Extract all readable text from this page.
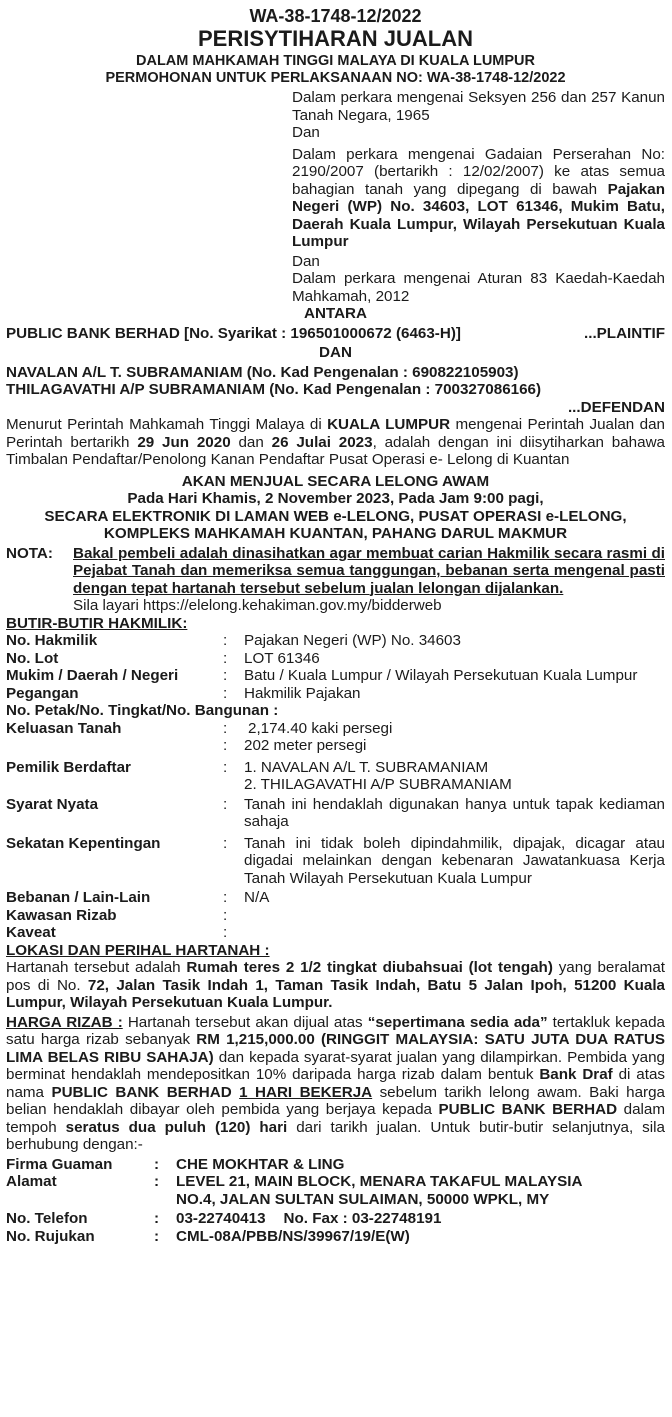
WA-38-1748-12/2022
PERISYTIHARAN JUALAN
DALAM MAHKAMAH TINGGI MALAYA DI KUALA LUMPUR
PERMOHONAN UNTUK PERLAKSANAAN NO: WA-38-1748-12/2022
Dalam perkara mengenai Seksyen 256 dan 257 Kanun Tanah Negara, 1965
Dan
Dalam perkara mengenai Gadaian Perserahan No: 2190/2007 (bertarikh : 12/02/2007) ke atas semua bahagian tanah yang dipegang di bawah Pajakan Negeri (WP) No. 34603, LOT 61346, Mukim Batu, Daerah Kuala Lumpur, Wilayah Persekutuan Kuala Lumpur
Dan
Dalam perkara mengenai Aturan 83 Kaedah-Kaedah Mahkamah, 2012
ANTARA
PUBLIC BANK BERHAD [No. Syarikat : 196501000672 (6463-H)]	...PLAINTIF
DAN
NAVALAN A/L T. SUBRAMANIAM (No. Kad Pengenalan : 690822105903)
THILAGAVATHI A/P SUBRAMANIAM (No. Kad Pengenalan : 700327086166)
...DEFENDAN
Menurut Perintah Mahkamah Tinggi Malaya di KUALA LUMPUR mengenai Perintah Jualan dan Perintah bertarikh 29 Jun 2020 dan 26 Julai 2023, adalah dengan ini diisytiharkan bahawa Timbalan Pendaftar/Penolong Kanan Pendaftar Pusat Operasi e- Lelong di Kuantan
AKAN MENJUAL SECARA LELONG AWAM
Pada Hari Khamis, 2 November 2023, Pada Jam 9:00 pagi,
SECARA ELEKTRONIK DI LAMAN WEB e-LELONG, PUSAT OPERASI e-LELONG,
KOMPLEKS MAHKAMAH KUANTAN, PAHANG DARUL MAKMUR
NOTA:	Bakal pembeli adalah dinasihatkan agar membuat carian Hakmilik secara rasmi di Pejabat Tanah dan memeriksa semua tanggungan, bebanan serta mengenal pasti dengan tepat hartanah tersebut sebelum jualan lelongan dijalankan.
Sila layari https://elelong.kehakiman.gov.my/bidderweb
BUTIR-BUTIR HAKMILIK:
No. Hakmilik	:	Pajakan Negeri (WP) No. 34603
No. Lot	:	LOT 61346
Mukim / Daerah / Negeri	:	Batu / Kuala Lumpur / Wilayah Persekutuan Kuala Lumpur
Pegangan	:	Hakmilik Pajakan
No. Petak/No. Tingkat/No. Bangunan :
Keluasan Tanah	:	2,174.40 kaki persegi
:	202 meter persegi
Pemilik Berdaftar	:	1. NAVALAN A/L T. SUBRAMANIAM
2. THILAGAVATHI A/P SUBRAMANIAM
Syarat Nyata	:	Tanah ini hendaklah digunakan hanya untuk tapak kediaman sahaja
Sekatan Kepentingan	:	Tanah ini tidak boleh dipindahmilik, dipajak, dicagar atau digadai melainkan dengan kebenaran Jawatankuasa Kerja Tanah Wilayah Persekutuan Kuala Lumpur
Bebanan / Lain-Lain	:	N/A
Kawasan Rizab	:
Kaveat	:
LOKASI DAN PERIHAL HARTANAH :
Hartanah tersebut adalah Rumah teres 2 1/2 tingkat diubahsuai (lot tengah) yang beralamat pos di No. 72, Jalan Tasik Indah 1, Taman Tasik Indah, Batu 5 Jalan Ipoh, 51200 Kuala Lumpur, Wilayah Persekutuan Kuala Lumpur.
HARGA RIZAB : Hartanah tersebut akan dijual atas “sepertimana sedia ada” tertakluk kepada satu harga rizab sebanyak RM 1,215,000.00 (RINGGIT MALAYSIA: SATU JUTA DUA RATUS LIMA BELAS RIBU SAHAJA) dan kepada syarat-syarat jualan yang dilampirkan. Pembida yang berminat hendaklah mendepositkan 10% daripada harga rizab dalam bentuk Bank Draf di atas nama PUBLIC BANK BERHAD 1 HARI BEKERJA sebelum tarikh lelong awam. Baki harga belian hendaklah dibayar oleh pembida yang berjaya kepada PUBLIC BANK BERHAD dalam tempoh seratus dua puluh (120) hari dari tarikh jualan. Untuk butir-butir selanjutnya, sila berhubung dengan:-
Firma Guaman	:	CHE MOKHTAR & LING
Alamat	:	LEVEL 21, MAIN BLOCK, MENARA TAKAFUL MALAYSIA
NO.4, JALAN SULTAN SULAIMAN, 50000 WPKL, MY
No. Telefon	:	03-22740413 No. Fax : 03-22748191
No. Rujukan	:	CML-08A/PBB/NS/39967/19/E(W)
